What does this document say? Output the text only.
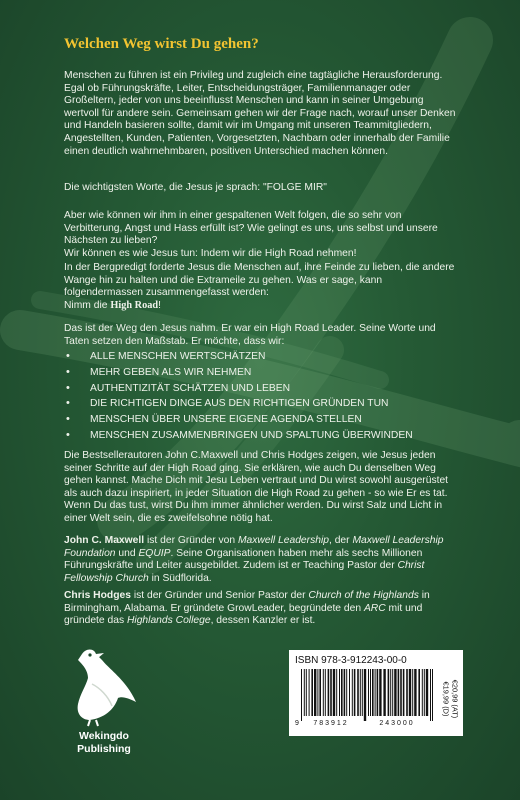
Welchen Weg wirst Du gehen?

Menschen zu führen ist ein Privileg und zugleich eine tagtägliche Herausforderung. Egal ob Führungskräfte, Leiter, Entscheidungsträger, Familienmanager oder Großeltern, jeder von uns beeinflusst Menschen und kann in seiner Umgebung wertvoll für andere sein. Gemeinsam gehen wir der Frage nach, worauf unser Denken und Handeln basieren sollte, damit wir im Umgang mit unseren Teammitgliedern, Angestellten, Kunden, Patienten, Vorgesetzten, Nachbarn oder innerhalb der Familie einen deutlich wahrnehmbaren, positiven Unterschied machen können.

Die wichtigsten Worte, die Jesus je sprach: "FOLGE MIR"

Aber wie können wir ihm in einer gespaltenen Welt folgen, die so sehr von Verbitterung, Angst und Hass erfüllt ist? Wie gelingt es uns, uns selbst und unsere Nächsten zu lieben?

Wir können es wie Jesus tun: Indem wir die High Road nehmen!

In der Bergpredigt forderte Jesus die Menschen auf, ihre Feinde zu lieben, die andere Wange hin zu halten und die Extrameile zu gehen. Was er sage, kann folgendermassen zusammengefasst werden:

Nimm die High Road!

Das ist der Weg den Jesus nahm. Er war ein High Road Leader. Seine Worte und Taten setzen den Maßstab. Er möchte, dass wir:

• ALLE MENSCHEN WERTSCHÄTZEN
• MEHR GEBEN ALS WIR NEHMEN
• AUTHENTIZITÄT SCHÄTZEN UND LEBEN
• DIE RICHTIGEN DINGE AUS DEN RICHTIGEN GRÜNDEN TUN
• MENSCHEN ÜBER UNSERE EIGENE AGENDA STELLEN
• MENSCHEN ZUSAMMENBRINGEN UND SPALTUNG ÜBERWINDEN

Die Bestsellerautoren John C.Maxwell und Chris Hodges zeigen, wie Jesus jeden seiner Schritte auf der High Road ging. Sie erklären, wie auch Du denselben Weg gehen kannst. Mache Dich mit Jesu Leben vertraut und Du wirst sowohl ausgerüstet als auch dazu inspiriert, in jeder Situation die High Road zu gehen - so wie Er es tat. Wenn Du das tust, wirst Du ihm immer ähnlicher werden. Du wirst Salz und Licht in einer Welt sein, die es zweifelsohne nötig hat.

John C. Maxwell ist der Gründer von Maxwell Leadership, der Maxwell Leadership Foundation und EQUIP. Seine Organisationen haben mehr als sechs Millionen Führungskräfte und Leiter ausgebildet. Zudem ist er Teaching Pastor der Christ Fellowship Church in Südflorida.

Chris Hodges ist der Gründer und Senior Pastor der Church of the Highlands in Birmingham, Alabama. Er gründete GrowLeader, begründete den ARC mit und gründete das Highlands College, dessen Kanzler er ist.

Wekingdo
Publishing
ISBN 978-3-912243-00-0
9 783912	243000
€19,99 (D) €20,99 (AT)
